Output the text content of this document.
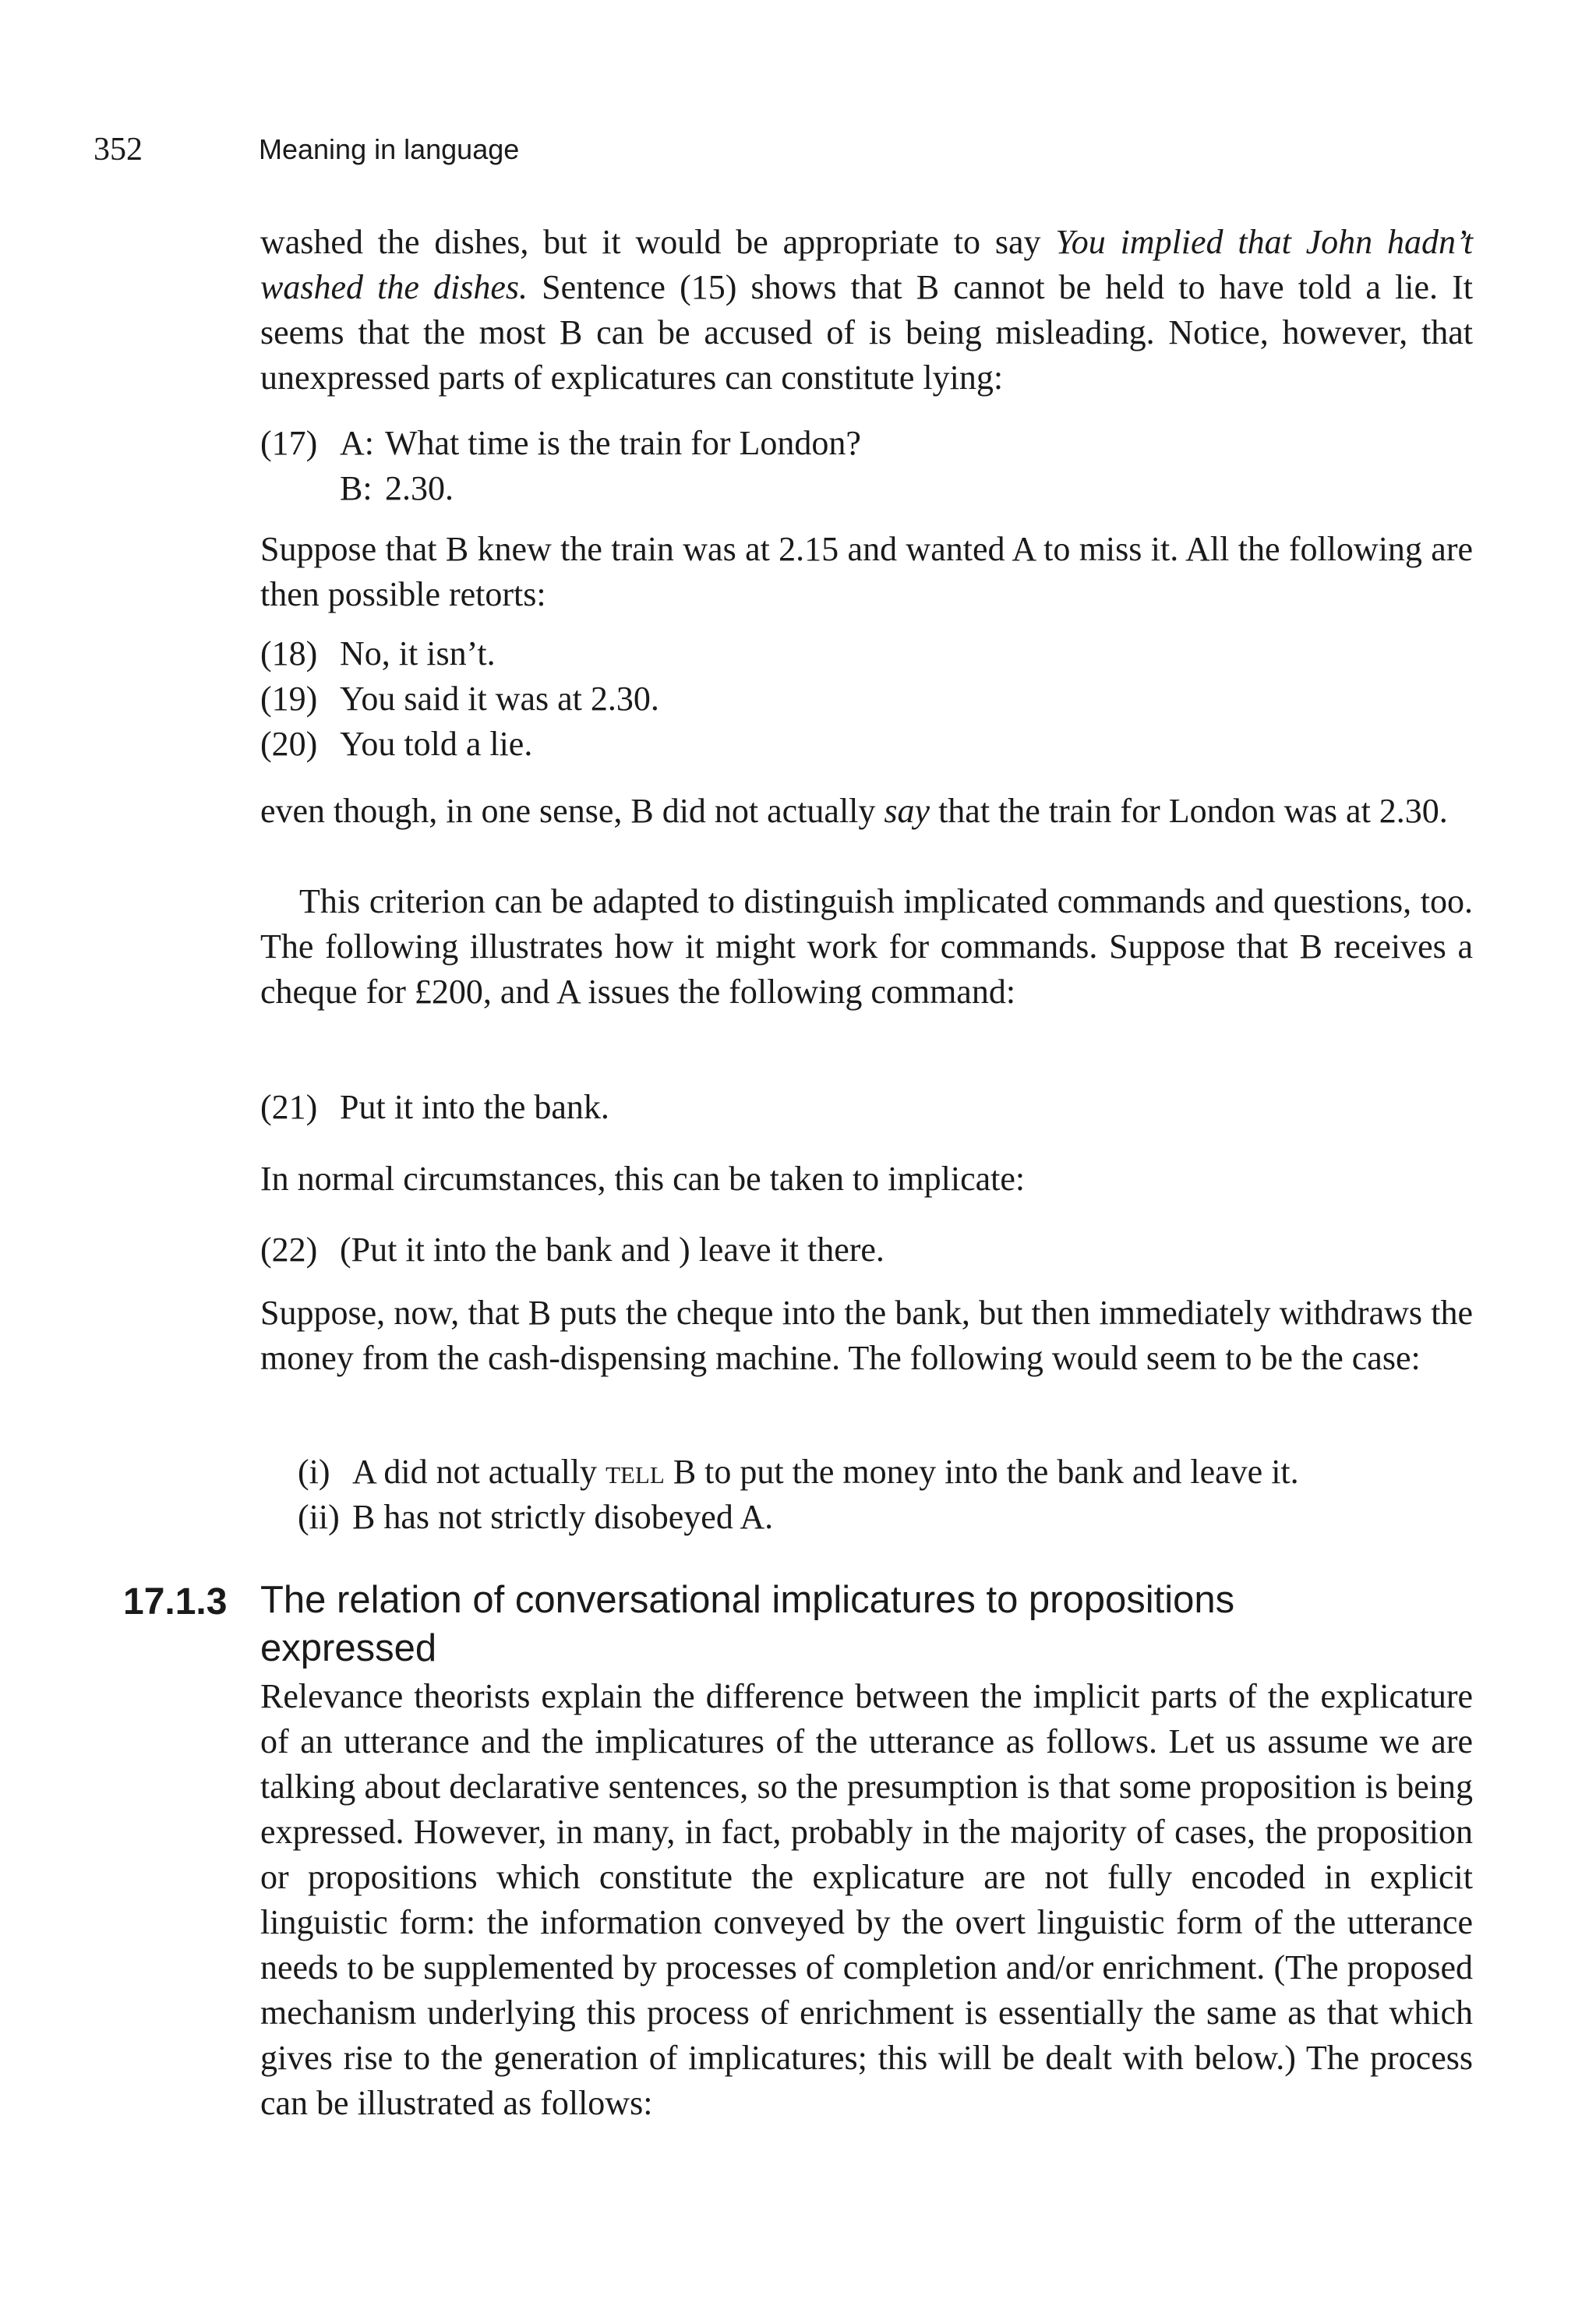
352	Meaning in language

washed the dishes, but it would be appropriate to say You implied that John hadn’t washed the dishes. Sentence (15) shows that B cannot be held to have told a lie. It seems that the most B can be accused of is being misleading. Notice, however, that unexpressed parts of explicatures can constitute lying:

(17) A: What time is the train for London?
B: 2.30.

Suppose that B knew the train was at 2.15 and wanted A to miss it. All the following are then possible retorts:

(18) No, it isn’t.
(19) You said it was at 2.30.
(20) You told a lie.

even though, in one sense, B did not actually say that the train for London was at 2.30.

This criterion can be adapted to distinguish implicated commands and questions, too. The following illustrates how it might work for commands. Suppose that B receives a cheque for £200, and A issues the following command:

(21) Put it into the bank.

In normal circumstances, this can be taken to implicate:

(22) (Put it into the bank and ) leave it there.

Suppose, now, that B puts the cheque into the bank, but then immediately withdraws the money from the cash-dispensing machine. The following would seem to be the case:

(i) A did not actually tell B to put the money into the bank and leave it.
(ii) B has not strictly disobeyed A.
17.1.3 The relation of conversational implicatures to propositions expressed

Relevance theorists explain the difference between the implicit parts of the explicature of an utterance and the implicatures of the utterance as follows. Let us assume we are talking about declarative sentences, so the presumption is that some proposition is being expressed. However, in many, in fact, probably in the majority of cases, the proposition or propositions which constitute the explicature are not fully encoded in explicit linguistic form: the information conveyed by the overt linguistic form of the utterance needs to be supplemented by processes of completion and/or enrichment. (The proposed mechanism underlying this process of enrichment is essentially the same as that which gives rise to the generation of implicatures; this will be dealt with below.) The process can be illustrated as follows:
